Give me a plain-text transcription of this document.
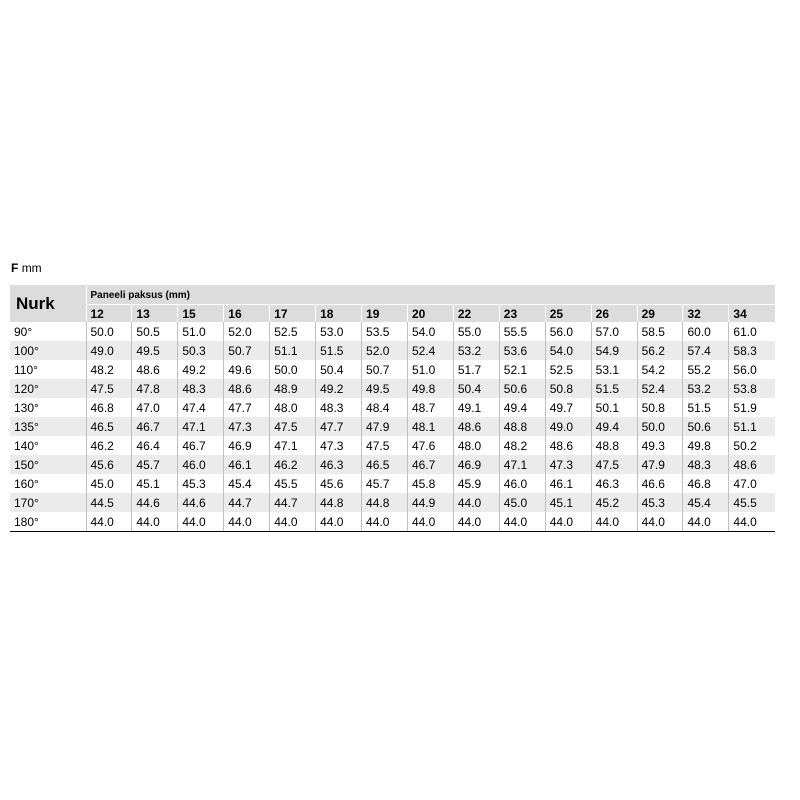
F mm
Nurk	Paneeli paksus (mm)														
	12	13	15	16	17	18	19	20	22	23	25	26	29	32	34
90°	50.0	50.5	51.0	52.0	52.5	53.0	53.5	54.0	55.0	55.5	56.0	57.0	58.5	60.0	61.0
100°	49.0	49.5	50.3	50.7	51.1	51.5	52.0	52.4	53.2	53.6	54.0	54.9	56.2	57.4	58.3
110°	48.2	48.6	49.2	49.6	50.0	50.4	50.7	51.0	51.7	52.1	52.5	53.1	54.2	55.2	56.0
120°	47.5	47.8	48.3	48.6	48.9	49.2	49.5	49.8	50.4	50.6	50.8	51.5	52.4	53.2	53.8
130°	46.8	47.0	47.4	47.7	48.0	48.3	48.4	48.7	49.1	49.4	49.7	50.1	50.8	51.5	51.9
135°	46.5	46.7	47.1	47.3	47.5	47.7	47.9	48.1	48.6	48.8	49.0	49.4	50.0	50.6	51.1
140°	46.2	46.4	46.7	46.9	47.1	47.3	47.5	47.6	48.0	48.2	48.6	48.8	49.3	49.8	50.2
150°	45.6	45.7	46.0	46.1	46.2	46.3	46.5	46.7	46.9	47.1	47.3	47.5	47.9	48.3	48.6
160°	45.0	45.1	45.3	45.4	45.5	45.6	45.7	45.8	45.9	46.0	46.1	46.3	46.6	46.8	47.0
170°	44.5	44.6	44.6	44.7	44.7	44.8	44.8	44.9	44.0	45.0	45.1	45.2	45.3	45.4	45.5
180°	44.0	44.0	44.0	44.0	44.0	44.0	44.0	44.0	44.0	44.0	44.0	44.0	44.0	44.0	44.0
